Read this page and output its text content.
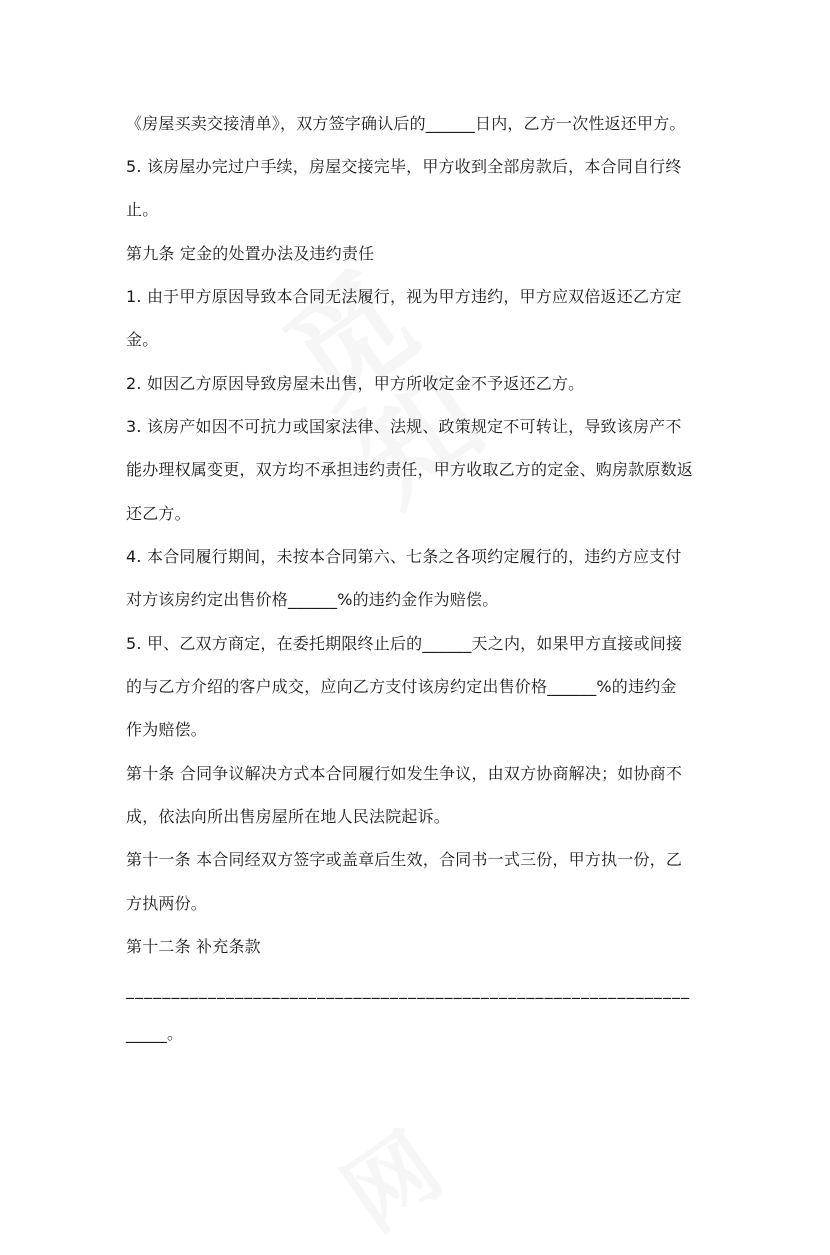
《房屋买卖交接清单》，双方签字确认后的______日内，乙方一次性返还甲方。
5. 该房屋办完过户手续，房屋交接完毕，甲方收到全部房款后，本合同自行终
止。
第九条 定金的处置办法及违约责任
1. 由于甲方原因导致本合同无法履行，视为甲方违约，甲方应双倍返还乙方定
金。
2. 如因乙方原因导致房屋未出售，甲方所收定金不予返还乙方。
3. 该房产如因不可抗力或国家法律、法规、政策规定不可转让，导致该房产不
能办理权属变更，双方均不承担违约责任，甲方收取乙方的定金、购房款原数返
还乙方。
4. 本合同履行期间，未按本合同第六、七条之各项约定履行的，违约方应支付
对方该房约定出售价格______%的违约金作为赔偿。
5. 甲、乙双方商定，在委托期限终止后的______天之内，如果甲方直接或间接
的与乙方介绍的客户成交，应向乙方支付该房约定出售价格______%的违约金
作为赔偿。
第十条 合同争议解决方式本合同履行如发生争议，由双方协商解决；如协商不
成，依法向所出售房屋所在地人民法院起诉。
第十一条 本合同经双方签字或盖章后生效，合同书一式三份，甲方执一份，乙
方执两份。
第十二条 补充条款
______________________________________________________________
_____。
